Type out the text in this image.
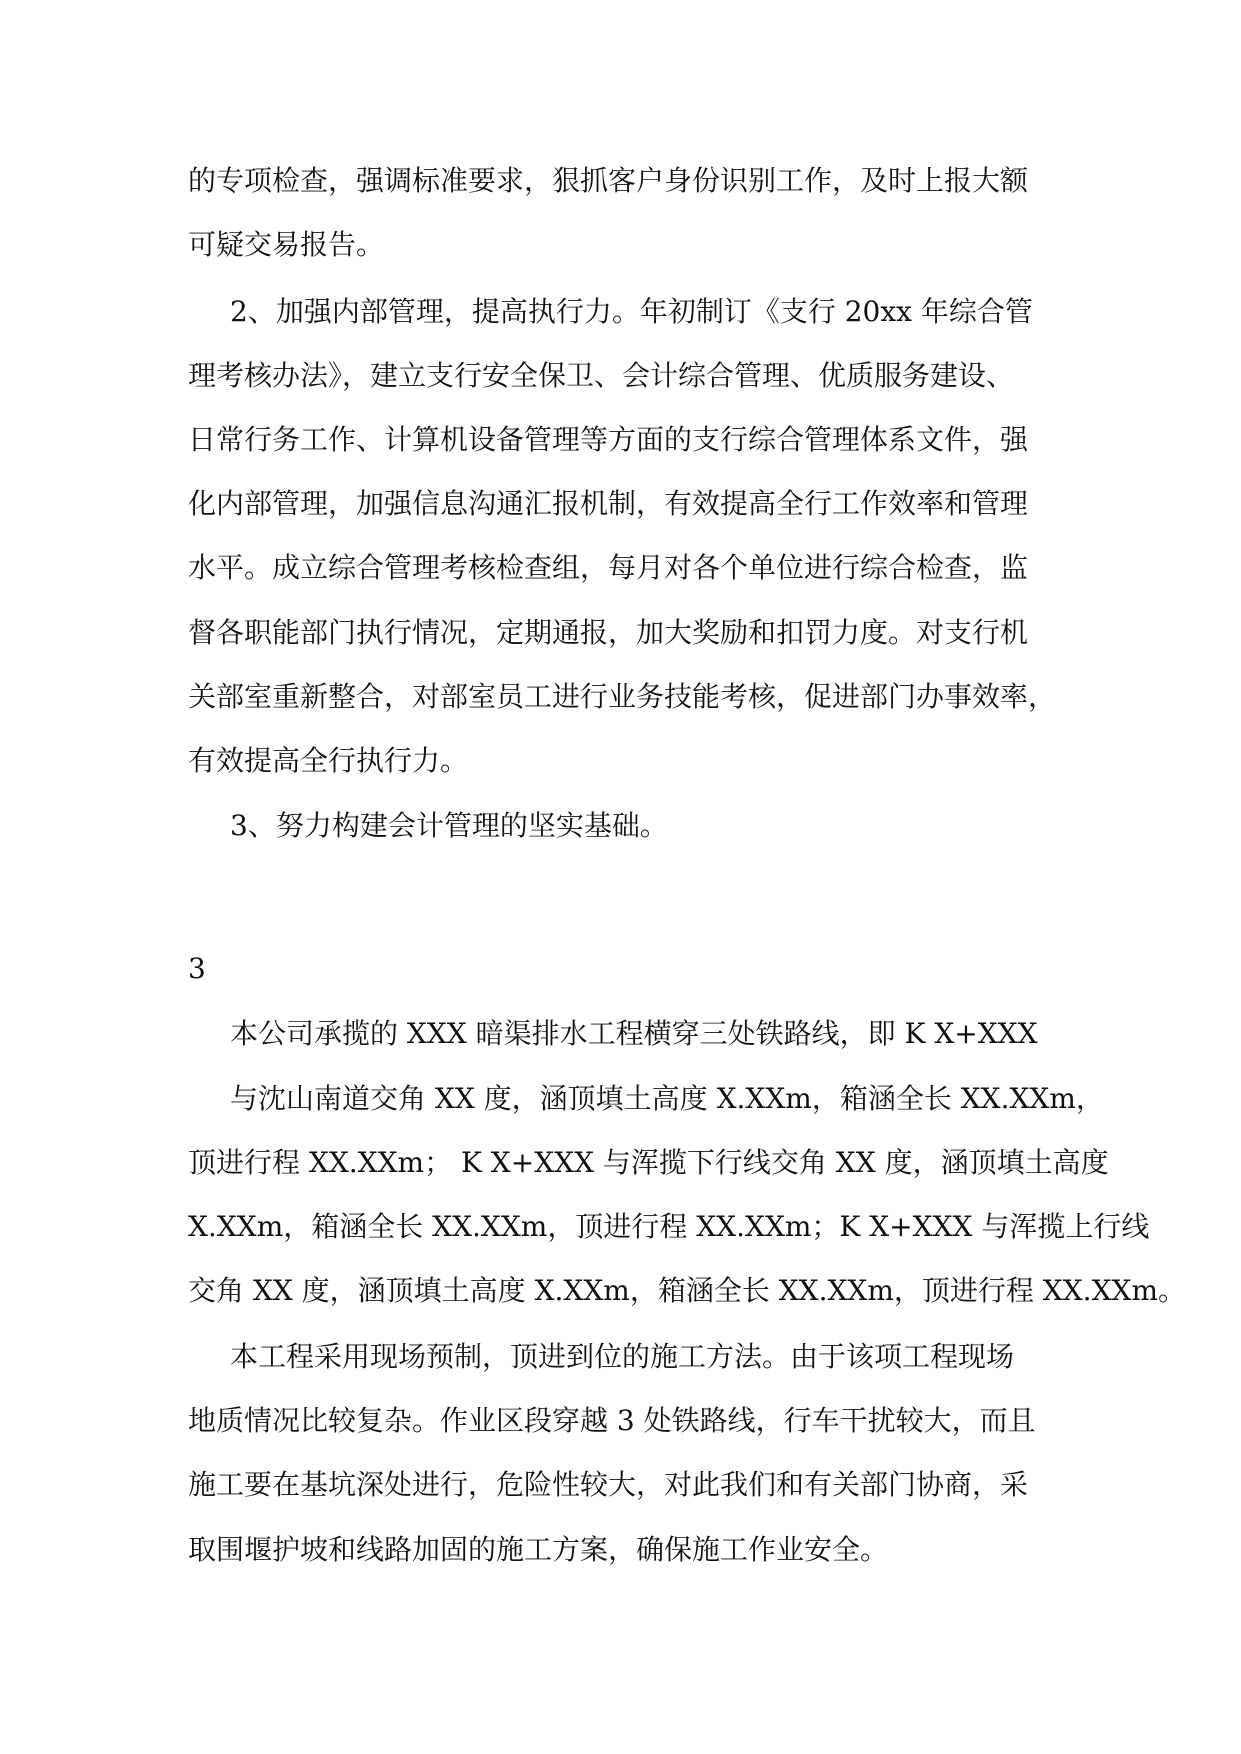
的专项检查，强调标准要求，狠抓客户身份识别工作，及时上报大额
可疑交易报告。
2、加强内部管理，提高执行力。年初制订《支行 20xx 年综合管
理考核办法》，建立支行安全保卫、会计综合管理、优质服务建设、
日常行务工作、计算机设备管理等方面的支行综合管理体系文件，强
化内部管理，加强信息沟通汇报机制，有效提高全行工作效率和管理
水平。成立综合管理考核检查组，每月对各个单位进行综合检查，监
督各职能部门执行情况，定期通报，加大奖励和扣罚力度。对支行机
关部室重新整合，对部室员工进行业务技能考核，促进部门办事效率，
有效提高全行执行力。
3、努力构建会计管理的坚实基础。
3
本公司承揽的 XXX 暗渠排水工程横穿三处铁路线，即 K X+XXX
与沈山南道交角 XX 度，涵顶填土高度 X.XXm，箱涵全长 XX.XXm，
顶进行程 XX.XXm； K X+XXX 与浑揽下行线交角 XX 度，涵顶填土高度
X.XXm，箱涵全长 XX.XXm，顶进行程 XX.XXm；K X+XXX 与浑揽上行线
交角 XX 度，涵顶填土高度 X.XXm，箱涵全长 XX.XXm，顶进行程 XX.XXm。
本工程采用现场预制，顶进到位的施工方法。由于该项工程现场
地质情况比较复杂。作业区段穿越 3 处铁路线，行车干扰较大，而且
施工要在基坑深处进行，危险性较大，对此我们和有关部门协商，采
取围堰护坡和线路加固的施工方案，确保施工作业安全。
